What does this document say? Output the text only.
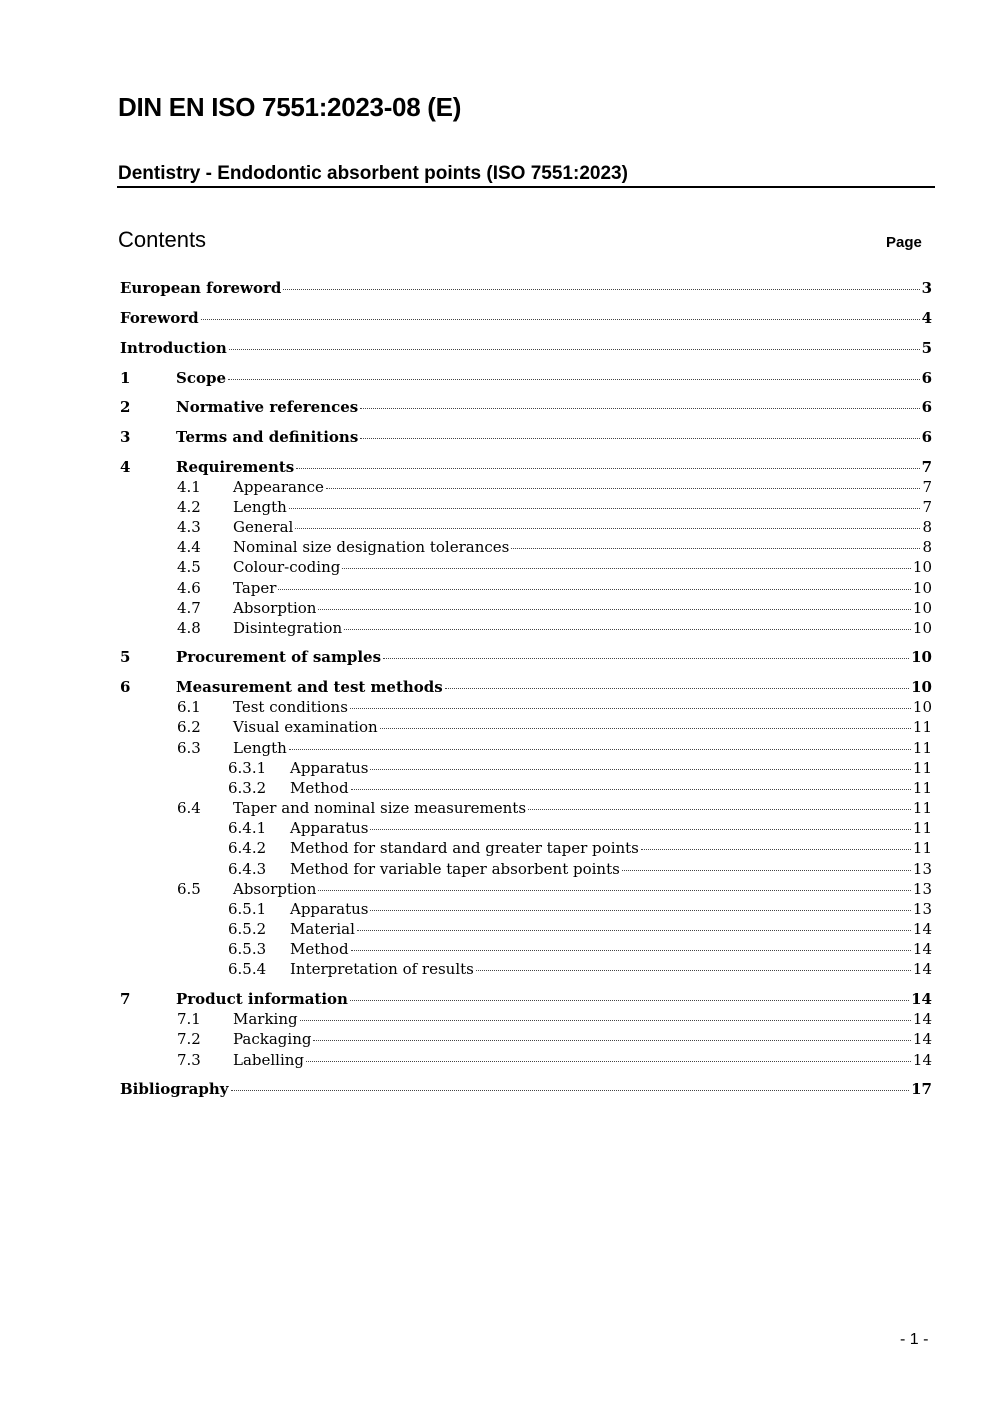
DIN EN ISO 7551:2023-08 (E)
Dentistry - Endodontic absorbent points (ISO 7551:2023)
Contents	Page
European foreword	3
Foreword	4
Introduction	5
1	Scope	6
2	Normative references	6
3	Terms and definitions	6
4	Requirements	7
4.1	Appearance	7
4.2	Length	7
4.3	General	8
4.4	Nominal size designation tolerances	8
4.5	Colour-coding	10
4.6	Taper	10
4.7	Absorption	10
4.8	Disintegration	10
5	Procurement of samples	10
6	Measurement and test methods	10
6.1	Test conditions	10
6.2	Visual examination	11
6.3	Length	11
6.3.1	Apparatus	11
6.3.2	Method	11
6.4	Taper and nominal size measurements	11
6.4.1	Apparatus	11
6.4.2	Method for standard and greater taper points	11
6.4.3	Method for variable taper absorbent points	13
6.5	Absorption	13
6.5.1	Apparatus	13
6.5.2	Material	14
6.5.3	Method	14
6.5.4	Interpretation of results	14
7	Product information	14
7.1	Marking	14
7.2	Packaging	14
7.3	Labelling	14
Bibliography	17
- 1 -
